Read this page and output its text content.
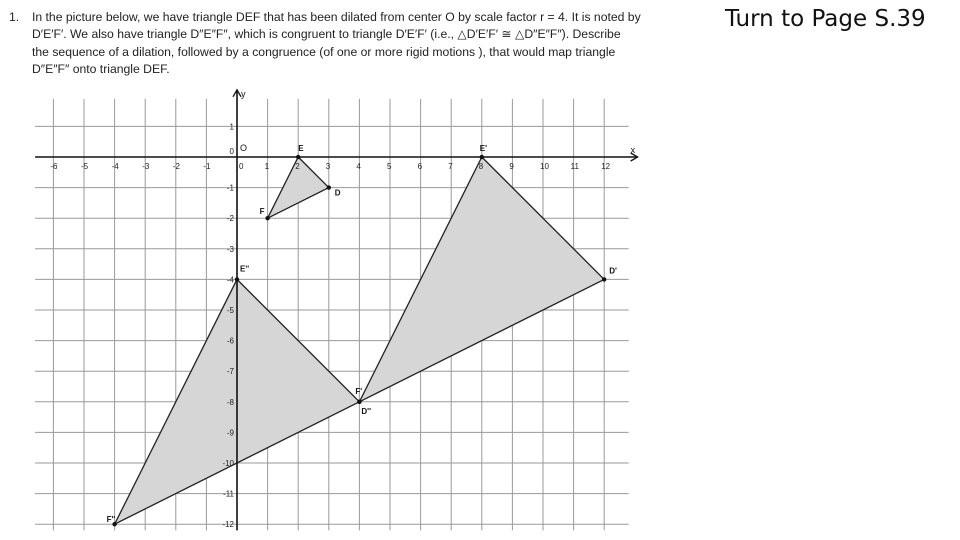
1. In the picture below, we have triangle DEF that has been dilated from center O by scale factor r = 4. It is noted by
D′E′F′. We also have triangle D″E″F″, which is congruent to triangle D′E′F′ (i.e., △D′E′F′ ≅ △D″E″F″). Describe
the sequence of a dilation, followed by a congruence (of one or more rigid motions ), that would map triangle
D″E″F″ onto triangle DEF.
Turn to Page S.39
x
y
O
-6	-5	-4	-3	-2	-1	0	1	2	3	4	5	6	7	8	9	10	11	12
1
0
-1
-2
-3
-4
-5
-6
-7
-8
-9
-10
-11
-12
D
E
F
D'
E'
F'
D''
E''
F''
